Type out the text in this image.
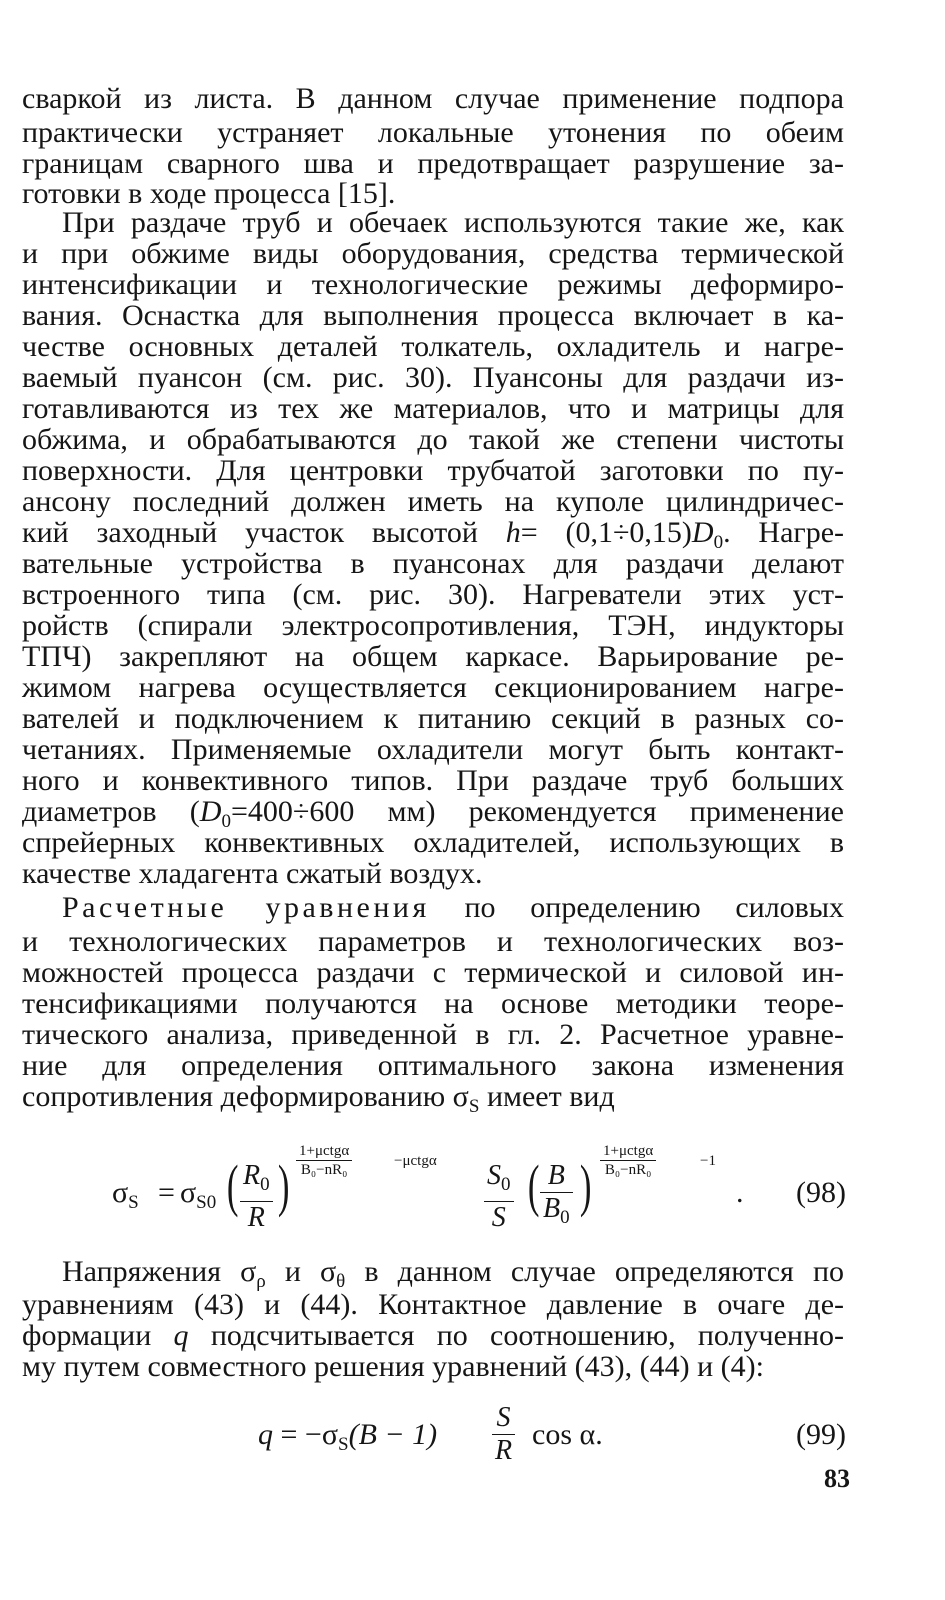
сваркой из листа. В данном случае применение подпора
практически устраняет локальные утонения по обеим
границам сварного шва и предотвращает разрушение за-
готовки в ходе процесса [15].
При раздаче труб и обечаек используются такие же, как
и при обжиме виды оборудования, средства термической
интенсификации и технологические режимы деформиро-
вания. Оснастка для выполнения процесса включает в ка-
честве основных деталей толкатель, охладитель и нагре-
ваемый пуансон (см. рис. 30). Пуансоны для раздачи из-
готавливаются из тех же материалов, что и матрицы для
обжима, и обрабатываются до такой же степени чистоты
поверхности. Для центровки трубчатой заготовки по пу-
ансону последний должен иметь на куполе цилиндричес-
кий заходный участок высотой $h= (0,1\div 0,15)D_0$. Нагре-
вательные устройства в пуансонах для раздачи делают
встроенного типа (см. рис. 30). Нагреватели этих уст-
ройств (спирали электросопротивления, ТЭН, индукторы
ТПЧ) закрепляют на общем каркасе. Варьирование ре-
жимом нагрева осуществляется секционированием нагре-
вателей и подключением к питанию секций в разных со-
четаниях. Применяемые охладители могут быть контакт-
ного и конвективного типов. При раздаче труб больших
диаметров ($D_0=400\div 600$ мм) рекомендуется применение
спрейерных конвективных охладителей, использующих в
качестве хладагента сжатый воздух.
Расчетные уравнения по определению силовых
и технологических параметров и технологических воз-
можностей процесса раздачи с термической и силовой ин-
тенсификациями получаются на основе методики теоре-
тического анализа, приведенной в гл. 2. Расчетное уравне-
ние для определения оптимального закона изменения
сопротивления деформированию $\sigma_S$ имеет вид
$\sigma_S = \sigma_{S0}$ ( $\frac{R_0}{R}$ )
1+μctgα
B₀−nR₀
$-\mu ctg\alpha \frac{S_0}{S}$ ( $\frac{B}{B_0}$ )
1+μctgα
B₀−nR₀
−1
. (98)
Напряжения $\sigma_\rho$ и $\sigma_\theta$ в данном случае определяются по
уравнениям (43) и (44). Контактное давление в очаге де-
формации q подсчитывается по соотношению, полученно-
му путем совместного решения уравнений (43), (44) и (4):
$q = -\sigma_S(B - 1) \frac{S}{R}$ cos α.	(99)
83
